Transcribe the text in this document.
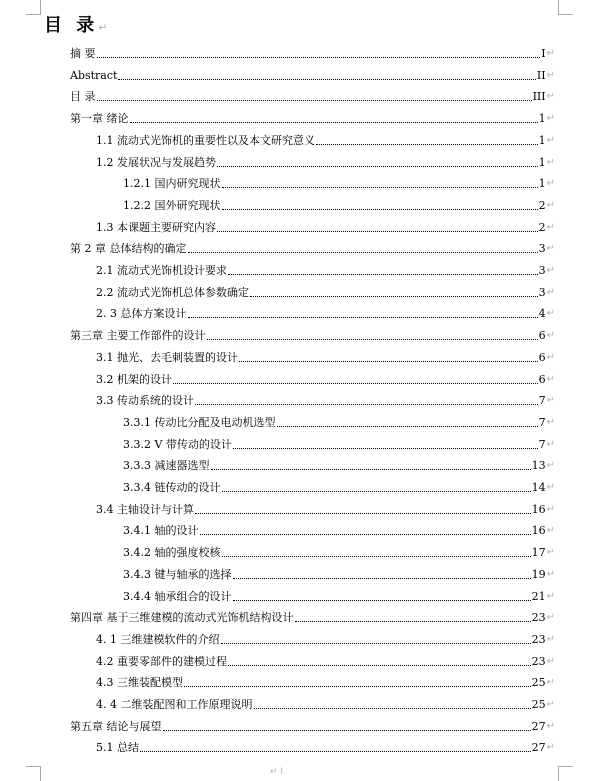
目 录↵
摘 要	I ↵
Abstract	II ↵
目 录	III ↵
第一章 绪论	1 ↵
1.1 流动式光饰机的重要性以及本文研究意义	1 ↵
1.2 发展状况与发展趋势	1 ↵
1.2.1 国内研究现状	1 ↵
1.2.2 国外研究现状	2 ↵
1.3 本课题主要研究内容	2 ↵
第 2 章 总体结构的确定	3 ↵
2.1 流动式光饰机设计要求	3 ↵
2.2 流动式光饰机总体参数确定	3 ↵
2. 3 总体方案设计	4 ↵
第三章 主要工作部件的设计	6 ↵
3.1 抛光、去毛刺装置的设计	6 ↵
3.2 机架的设计	6 ↵
3.3 传动系统的设计	7 ↵
3.3.1 传动比分配及电动机选型	7 ↵
3.3.2 V 带传动的设计	7 ↵
3.3.3 减速器选型	13 ↵
3.3.4 链传动的设计	14 ↵
3.4 主轴设计与计算	16 ↵
3.4.1 轴的设计	16 ↵
3.4.2 轴的强度校核	17 ↵
3.4.3 键与轴承的选择	19 ↵
3.4.4 轴承组合的设计	21 ↵
第四章 基于三维建模的流动式光饰机结构设计	23 ↵
4. 1 三维建模软件的介绍	23 ↵
4.2 重要零部件的建模过程	23 ↵
4.3 三维装配模型	25 ↵
4. 4 二维装配图和工作原理说明	25 ↵
第五章 结论与展望	27 ↵
5.1 总结	27 ↵
↵ I
